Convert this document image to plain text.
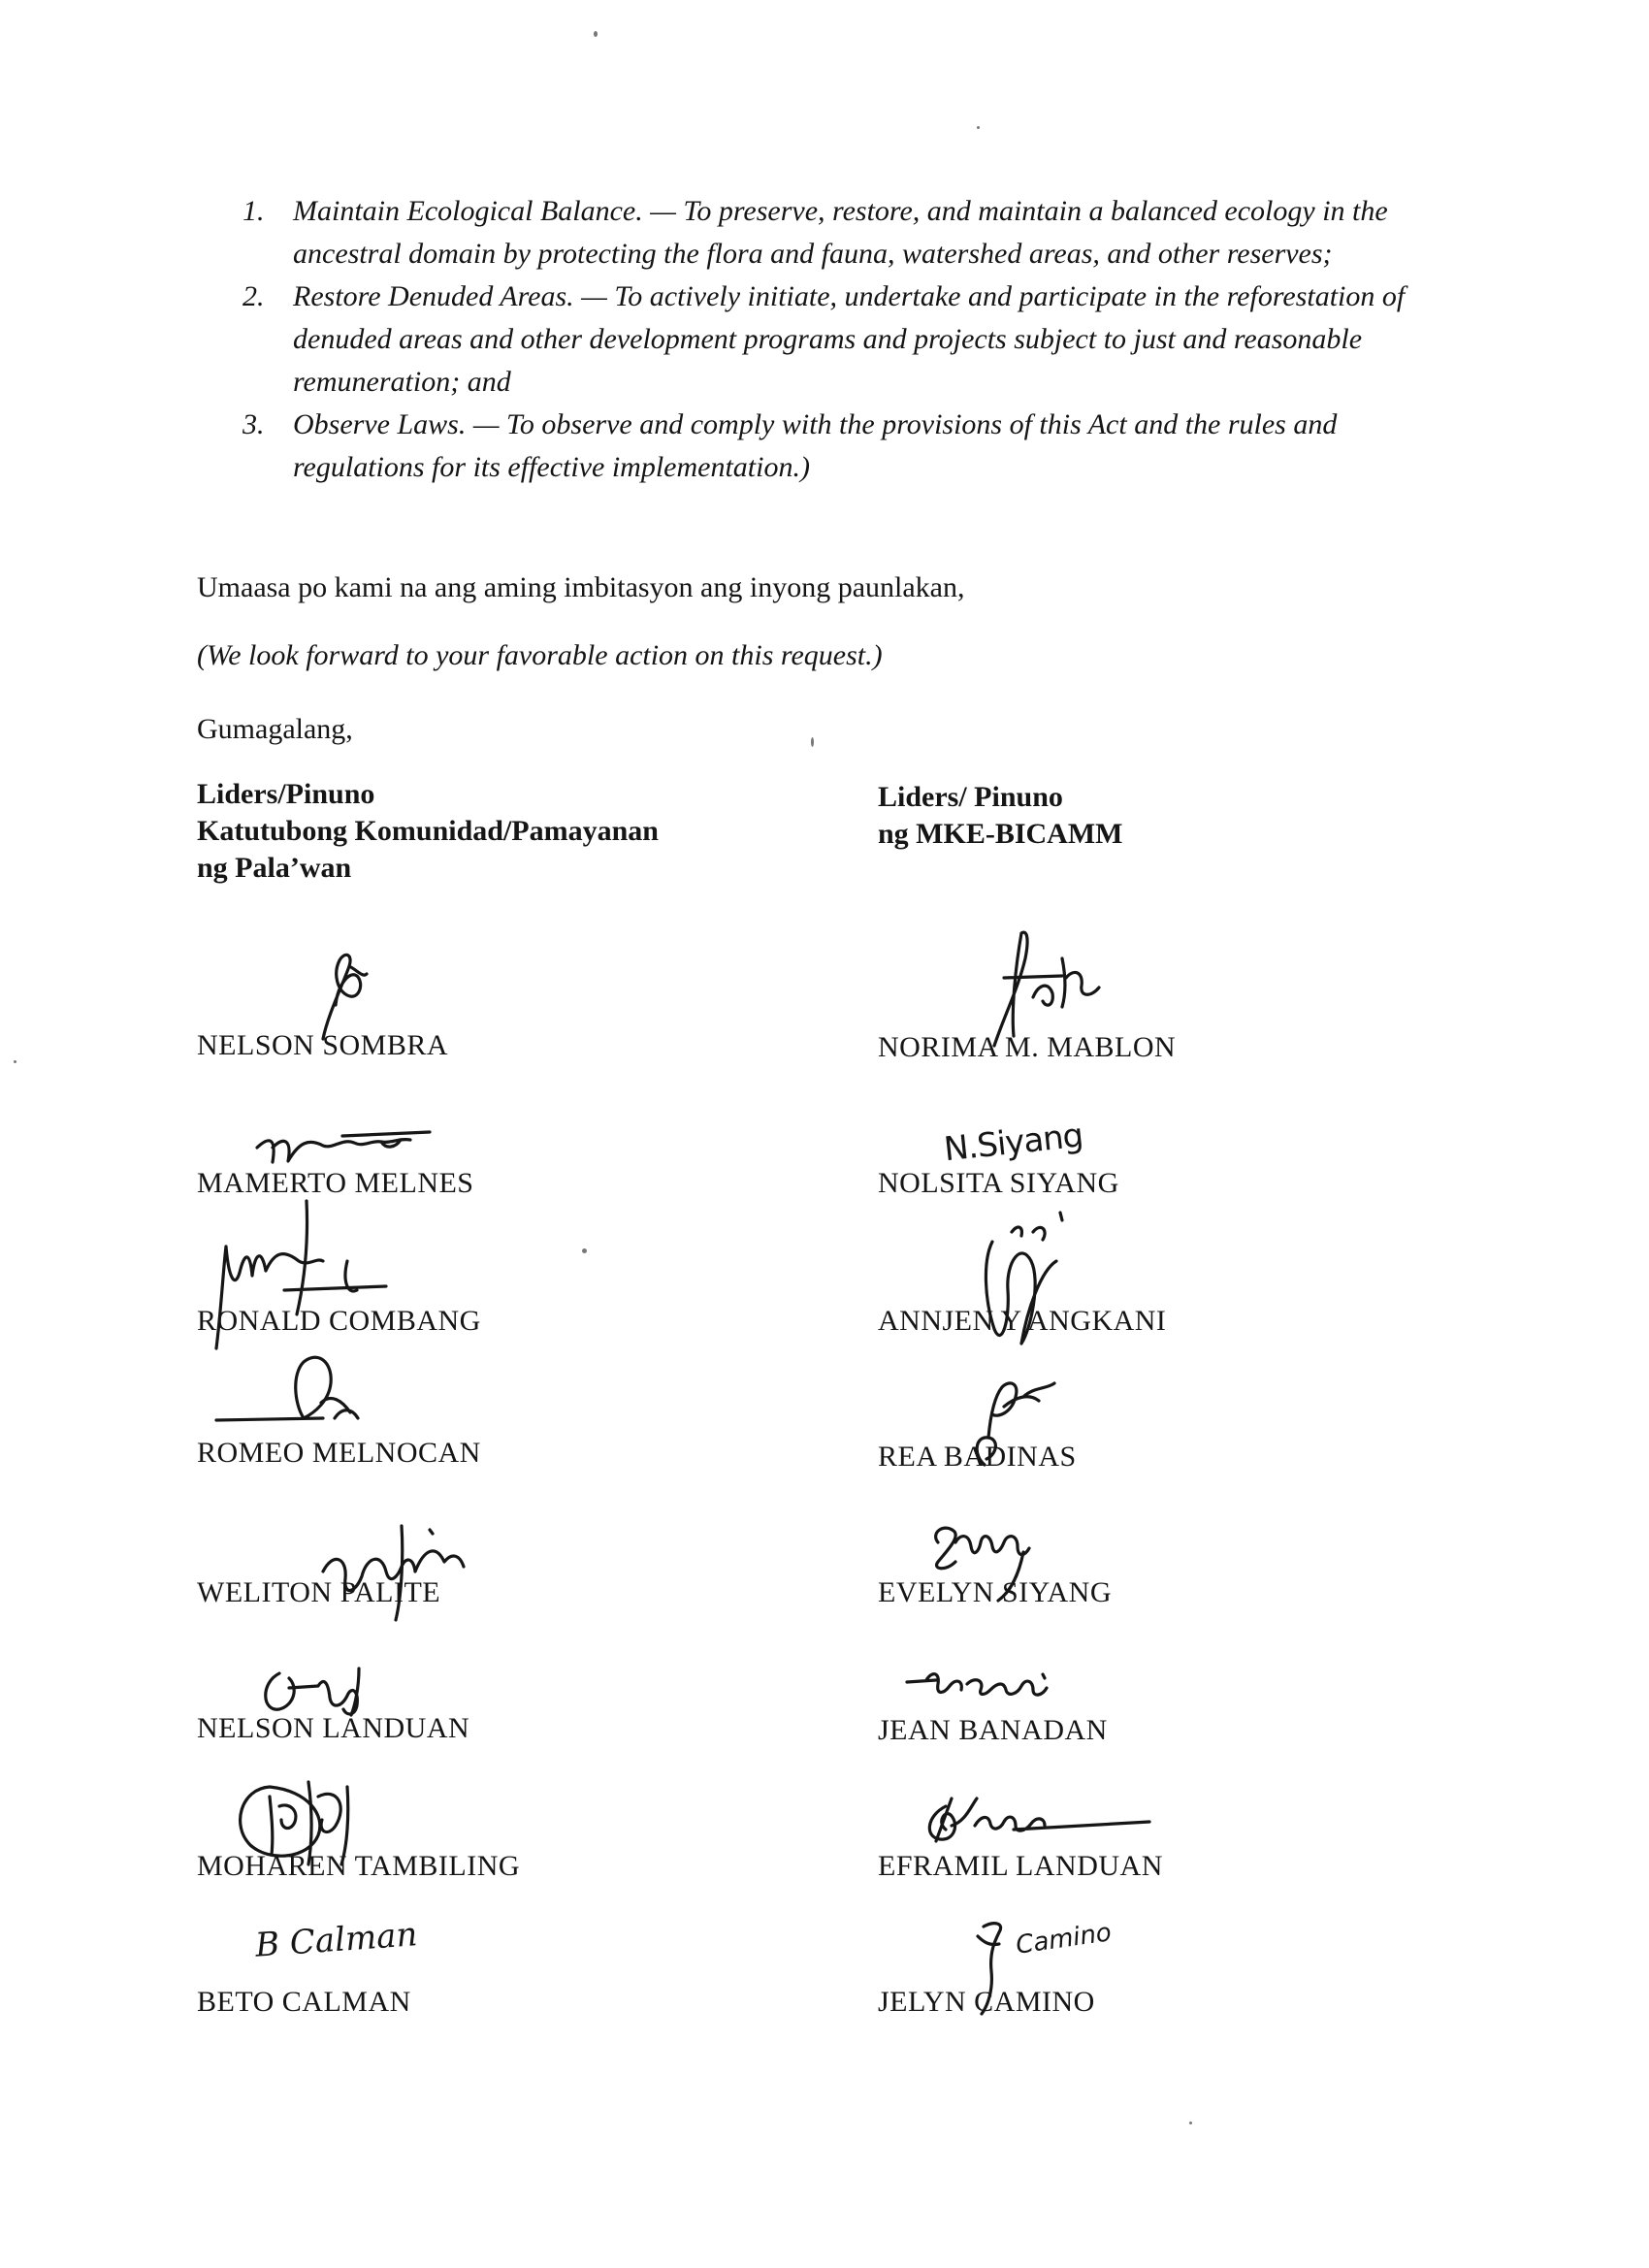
1. Maintain Ecological Balance. — To preserve, restore, and maintain a balanced ecology in the ancestral domain by protecting the flora and fauna, watershed areas, and other reserves;
2. Restore Denuded Areas. — To actively initiate, undertake and participate in the reforestation of denuded areas and other development programs and projects subject to just and reasonable remuneration; and
3. Observe Laws. — To observe and comply with the provisions of this Act and the rules and regulations for its effective implementation.)

Umaasa po kami na ang aming imbitasyon ang inyong paunlakan,

(We look forward to your favorable action on this request.)

Gumagalang,

Liders/Pinuno
Katutubong Komunidad/Pamayanan
ng Pala’wan
Liders/ Pinuno
ng MKE-BICAMM
NELSON SOMBRA
MAMERTO MELNES
RONALD COMBANG
ROMEO MELNOCAN
WELITON PALITE
NELSON LANDUAN
MOHAREN TAMBILING
BETO CALMAN
B Calman
NORIMA M. MABLON
NOLSITA SIYANG
N.Siyang
ANNJEN Y ANGKANI
REA BADINAS
EVELYN SIYANG
JEAN BANADAN
EFRAMIL LANDUAN
JELYN CAMINO
Camino
